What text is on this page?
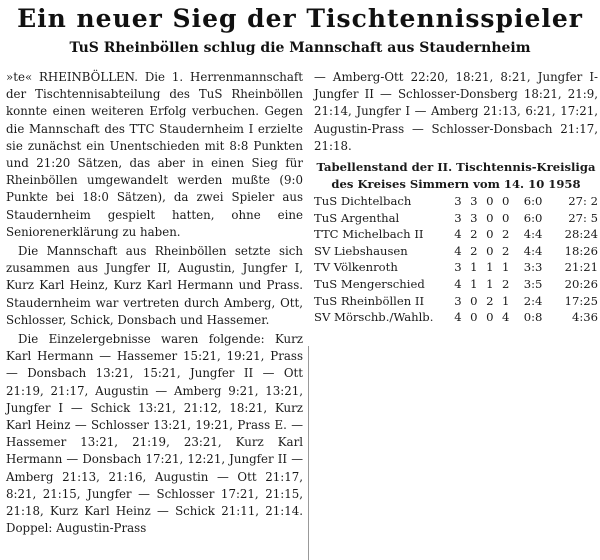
Ein neuer Sieg der Tischtennisspieler
TuS Rheinböllen schlug die Mannschaft aus Staudernheim

»te« RHEINBÖLLEN. Die 1. Herrenmannschaft der Tischtennisabteilung des TuS Rheinböllen konnte einen weiteren Erfolg verbuchen. Gegen die Mannschaft des TTC Staudernheim I erzielte sie zunächst ein Unentschieden mit 8:8 Punkten und 21:20 Sätzen, das aber in einen Sieg für Rheinböllen umgewandelt werden mußte (9:0 Punkte bei 18:0 Sätzen), da zwei Spieler aus Staudernheim gespielt hatten, ohne eine Seniorenerklärung zu haben.

Die Mannschaft aus Rheinböllen setzte sich zusammen aus Jungfer II, Augustin, Jungfer I, Kurz Karl Heinz, Kurz Karl Hermann und Prass. Staudernheim war vertreten durch Amberg, Ott, Schlosser, Schick, Donsbach und Hassemer.

Die Einzelergebnisse waren folgende: Kurz Karl Hermann — Hassemer 15:21, 19:21, Prass — Donsbach 13:21, 15:21, Jungfer II — Ott 21:19, 21:17, Augustin — Amberg 9:21, 13:21, Jungfer I — Schick 13:21, 21:12, 18:21, Kurz Karl Heinz — Schlosser 13:21, 19:21, Prass E. — Hassemer 13:21, 21:19, 23:21, Kurz Karl Hermann — Donsbach 17:21, 12:21, Jungfer II — Amberg 21:13, 21:16, Augustin — Ott 21:17, 8:21, 21:15, Jungfer — Schlosser 17:21, 21:15, 21:18, Kurz Karl Heinz — Schick 21:11, 21:14. Doppel: Augustin-Prass

— Amberg-Ott 22:20, 18:21, 8:21, Jungfer I-Jungfer II — Schlosser-Donsberg 18:21, 21:9, 21:14, Jungfer I — Amberg 21:13, 6:21, 17:21, Augustin-Prass — Schlosser-Donsbach 21:17, 21:18.

Tabellenstand der II. Tischtennis-Kreisliga
des Kreises Simmern vom 14. 10 1958
TuS Dichtelbach	3	3	0	0	6:0	27: 2
TuS Argenthal	3	3	0	0	6:0	27: 5
TTC Michelbach II	4	2	0	2	4:4	28:24
SV Liebshausen	4	2	0	2	4:4	18:26
TV Völkenroth	3	1	1	1	3:3	21:21
TuS Mengerschied	4	1	1	2	3:5	20:26
TuS Rheinböllen II	3	0	2	1	2:4	17:25
SV Mörschb./Wahlb.	4	0	0	4	0:8	4:36
